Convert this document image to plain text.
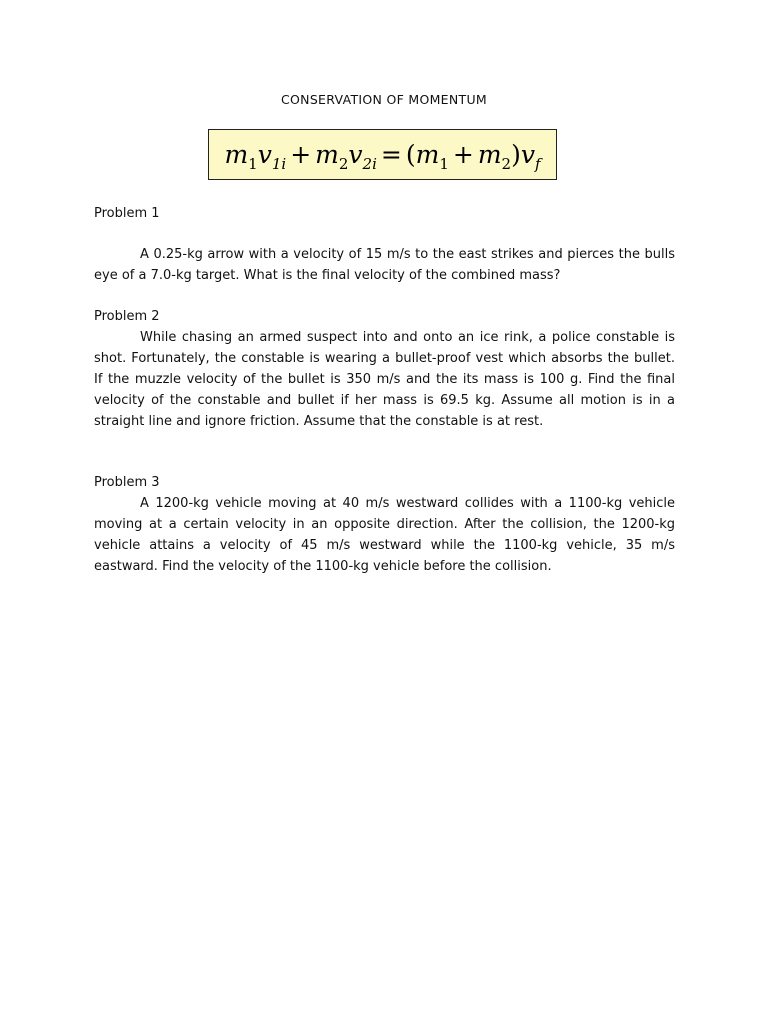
CONSERVATION OF MOMENTUM
$m_1v_{1i} + m_2v_{2i} = (m_1 + m_2)v_f$
Problem 1

A 0.25-kg arrow with a velocity of 15 m/s to the east strikes and pierces the bulls eye of a 7.0-kg target. What is the final velocity of the combined mass?

Problem 2

While chasing an armed suspect into and onto an ice rink, a police constable is shot. Fortunately, the constable is wearing a bullet-proof vest which absorbs the bullet. If the muzzle velocity of the bullet is 350 m/s and the its mass is 100 g. Find the final velocity of the constable and bullet if her mass is 69.5 kg. Assume all motion is in a straight line and ignore friction. Assume that the constable is at rest.

Problem 3

A 1200-kg vehicle moving at 40 m/s westward collides with a 1100-kg vehicle moving at a certain velocity in an opposite direction. After the collision, the 1200-kg vehicle attains a velocity of 45 m/s westward while the 1100-kg vehicle, 35 m/s eastward. Find the velocity of the 1100-kg vehicle before the collision.
